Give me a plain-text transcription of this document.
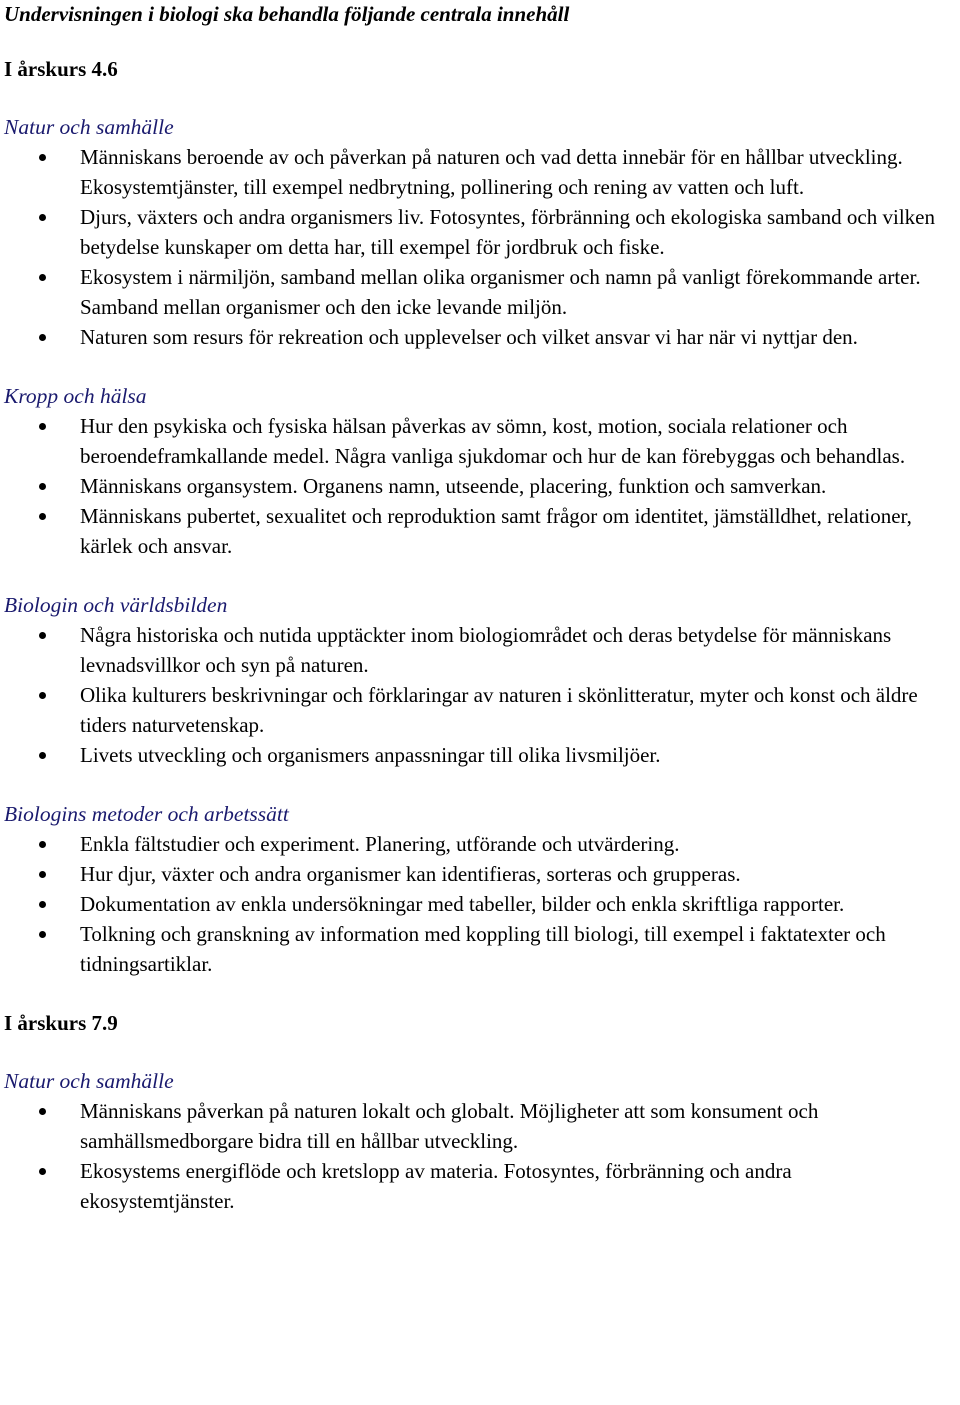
Undervisningen i biologi ska behandla följande centrala innehåll

I årskurs 4.6

Natur och samhälle

Människans beroende av och påverkan på naturen och vad detta innebär för en hållbar utveckling. Ekosystemtjänster, till exempel nedbrytning, pollinering och rening av vatten och luft.
Djurs, växters och andra organismers liv. Fotosyntes, förbränning och ekologiska samband och vilken betydelse kunskaper om detta har, till exempel för jordbruk och fiske.
Ekosystem i närmiljön, samband mellan olika organismer och namn på vanligt förekommande arter. Samband mellan organismer och den icke levande miljön.
Naturen som resurs för rekreation och upplevelser och vilket ansvar vi har när vi nyttjar den.

Kropp och hälsa

Hur den psykiska och fysiska hälsan påverkas av sömn, kost, motion, sociala relationer och beroendeframkallande medel. Några vanliga sjukdomar och hur de kan förebyggas och behandlas.
Människans organsystem. Organens namn, utseende, placering, funktion och samverkan.
Människans pubertet, sexualitet och reproduktion samt frågor om identitet, jämställdhet, relationer, kärlek och ansvar.

Biologin och världsbilden

Några historiska och nutida upptäckter inom biologiområdet och deras betydelse för människans levnadsvillkor och syn på naturen.
Olika kulturers beskrivningar och förklaringar av naturen i skönlitteratur, myter och konst och äldre tiders naturvetenskap.
Livets utveckling och organismers anpassningar till olika livsmiljöer.

Biologins metoder och arbetssätt

Enkla fältstudier och experiment. Planering, utförande och utvärdering.
Hur djur, växter och andra organismer kan identifieras, sorteras och grupperas.
Dokumentation av enkla undersökningar med tabeller, bilder och enkla skriftliga rapporter.
Tolkning och granskning av information med koppling till biologi, till exempel i faktatexter och tidningsartiklar.

I årskurs 7.9

Natur och samhälle

Människans påverkan på naturen lokalt och globalt. Möjligheter att som konsument och samhällsmedborgare bidra till en hållbar utveckling.
Ekosystems energiflöde och kretslopp av materia. Fotosyntes, förbränning och andra ekosystemtjänster.
